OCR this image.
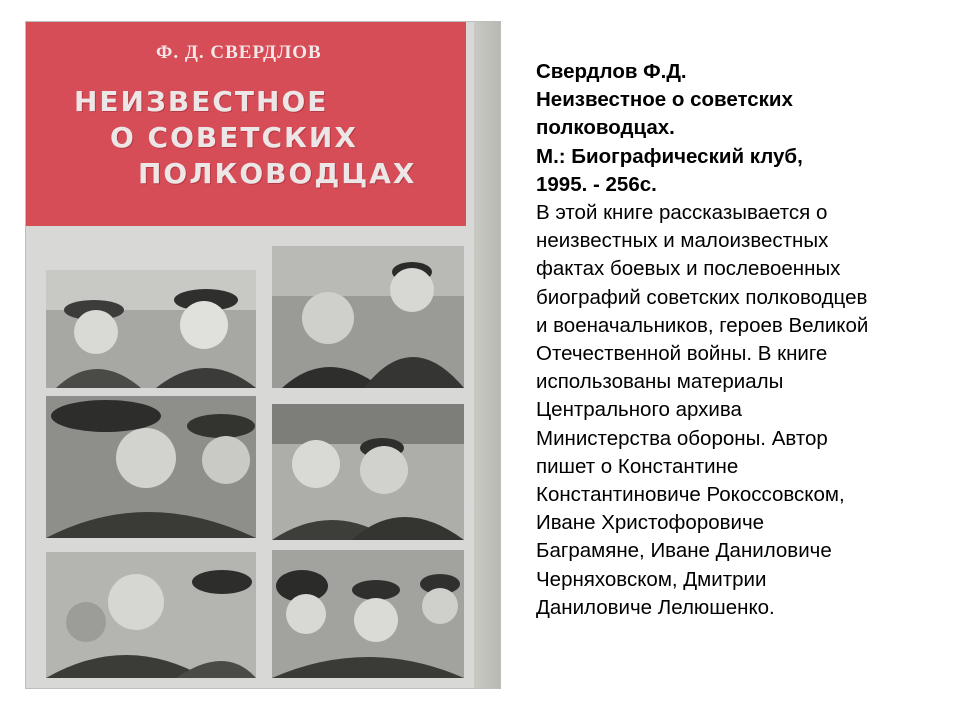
Ф. Д. СВЕРДЛОВ
НЕИЗВЕСТНОЕ
О СОВЕТСКИХ
ПОЛКОВОДЦАХ
Свердлов Ф.Д.
Неизвестное о советских
полководцах.
М.: Биографический клуб,
1995. - 256с.
В этой книге рассказывается о
неизвестных и малоизвестных
фактах боевых и послевоенных
биографий советских полководцев
и военачальников, героев Великой
Отечественной войны. В книге
использованы материалы
Центрального архива
Министерства обороны. Автор
пишет о Константине
Константиновиче Рокоссовском,
Иване Христофоровиче
Баграмяне, Иване Даниловиче
Черняховском, Дмитрии
Даниловиче Лелюшенко.
